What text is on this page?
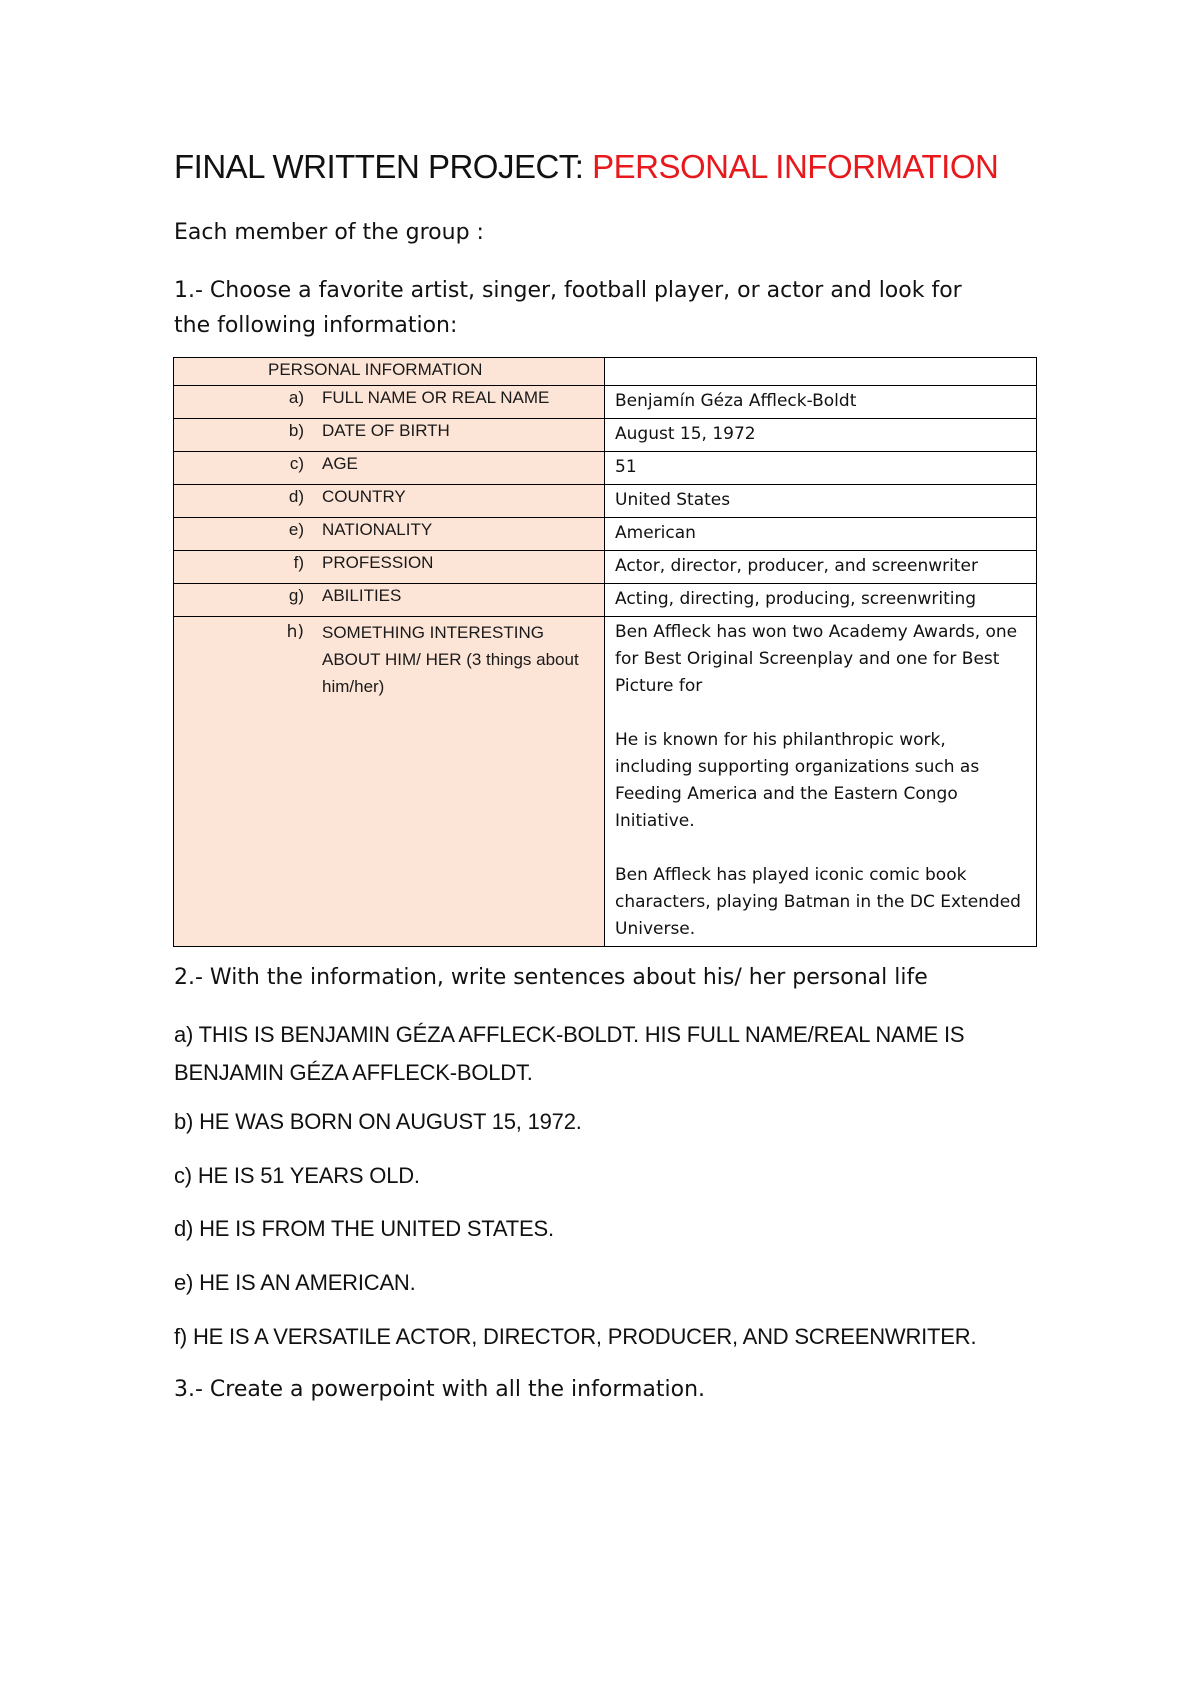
FINAL WRITTEN PROJECT: PERSONAL INFORMATION
Each member of the group :
1.- Choose a favorite artist, singer, football player, or actor and look for
the following information:
PERSONAL INFORMATION	

a) FULL NAME OR REAL NAME	Benjamín Géza Affleck-Boldt

b) DATE OF BIRTH	August 15, 1972

c) AGE	51

d) COUNTRY	United States

e) NATIONALITY	American

f) PROFESSION	Actor, director, producer, and screenwriter

g) ABILITIES	Acting, directing, producing, screenwriting

h) SOMETHING INTERESTING ABOUT HIM/ HER (3 things about him/her)	Ben Affleck has won two Academy Awards, one for Best Original Screenplay and one for Best Picture for
He is known for his philanthropic work, including supporting organizations such as Feeding America and the Eastern Congo Initiative.
Ben Affleck has played iconic comic book characters, playing Batman in the DC Extended Universe.
2.- With the information, write sentences about his/ her personal life
a) THIS IS BENJAMIN GÉZA AFFLECK-BOLDT. HIS FULL NAME/REAL NAME IS
BENJAMIN GÉZA AFFLECK-BOLDT.
b) HE WAS BORN ON AUGUST 15, 1972.
c) HE IS 51 YEARS OLD.
d) HE IS FROM THE UNITED STATES.
e) HE IS AN AMERICAN.
f) HE IS A VERSATILE ACTOR, DIRECTOR, PRODUCER, AND SCREENWRITER.
3.- Create a powerpoint with all the information.
